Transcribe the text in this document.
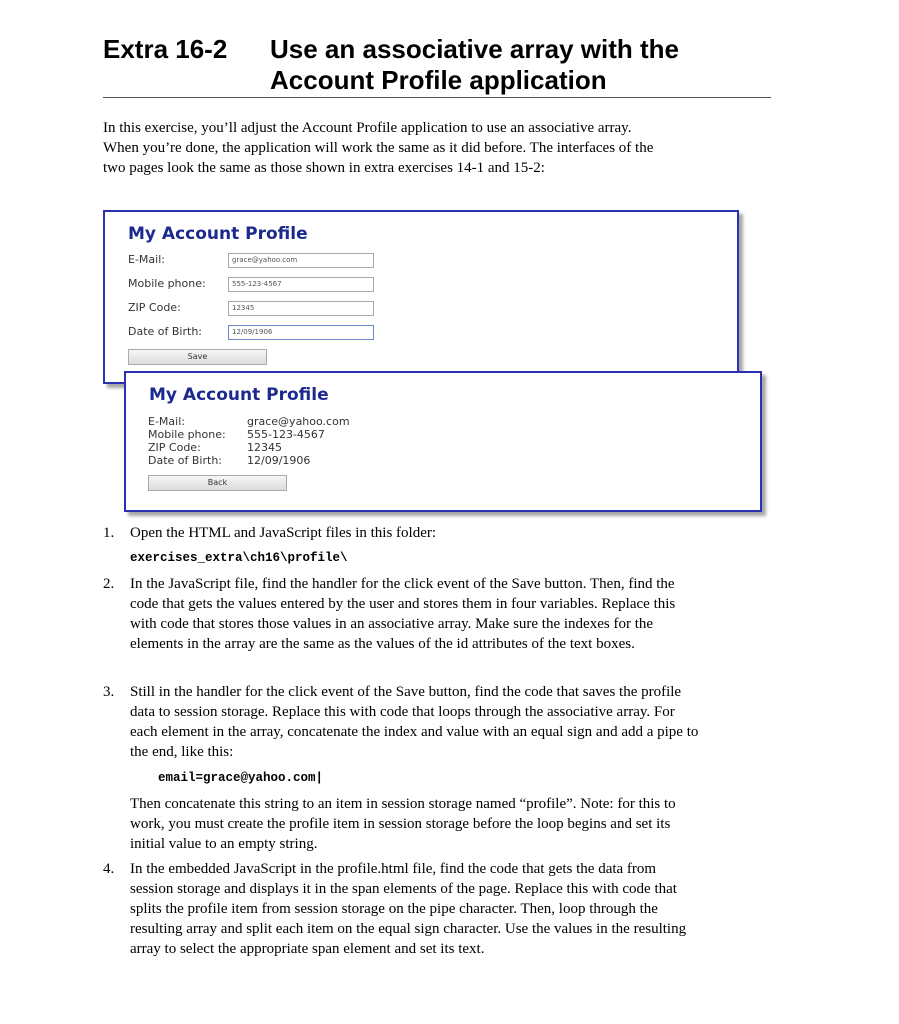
Extra 16-2 Use an associative array with the Account Profile application
In this exercise, you’ll adjust the Account Profile application to use an associative array. When you’re done, the application will work the same as it did before. The interfaces of the two pages look the same as those shown in extra exercises 14-1 and 15-2:
My Account Profile
E-Mail:	grace@yahoo.com
Mobile phone:	555-123-4567
ZIP Code:	12345
Date of Birth:	12/09/1906
Save
My Account Profile
E-Mail:	grace@yahoo.com
Mobile phone: 555-123-4567
ZIP Code:	12345
Date of Birth: 12/09/1906
Back
1. Open the HTML and JavaScript files in this folder:
exercises_extra\ch16\profile\
2. In the JavaScript file, find the handler for the click event of the Save button. Then, find the code that gets the values entered by the user and stores them in four variables. Replace this with code that stores those values in an associative array. Make sure the indexes for the elements in the array are the same as the values of the id attributes of the text boxes.
3. Still in the handler for the click event of the Save button, find the code that saves the profile data to session storage. Replace this with code that loops through the associative array. For each element in the array, concatenate the index and value with an equal sign and add a pipe to the end, like this:
email=grace@yahoo.com|
Then concatenate this string to an item in session storage named “profile”. Note: for this to work, you must create the profile item in session storage before the loop begins and set its initial value to an empty string.
4. In the embedded JavaScript in the profile.html file, find the code that gets the data from session storage and displays it in the span elements of the page. Replace this with code that splits the profile item from session storage on the pipe character. Then, loop through the resulting array and split each item on the equal sign character. Use the values in the resulting array to select the appropriate span element and set its text.
